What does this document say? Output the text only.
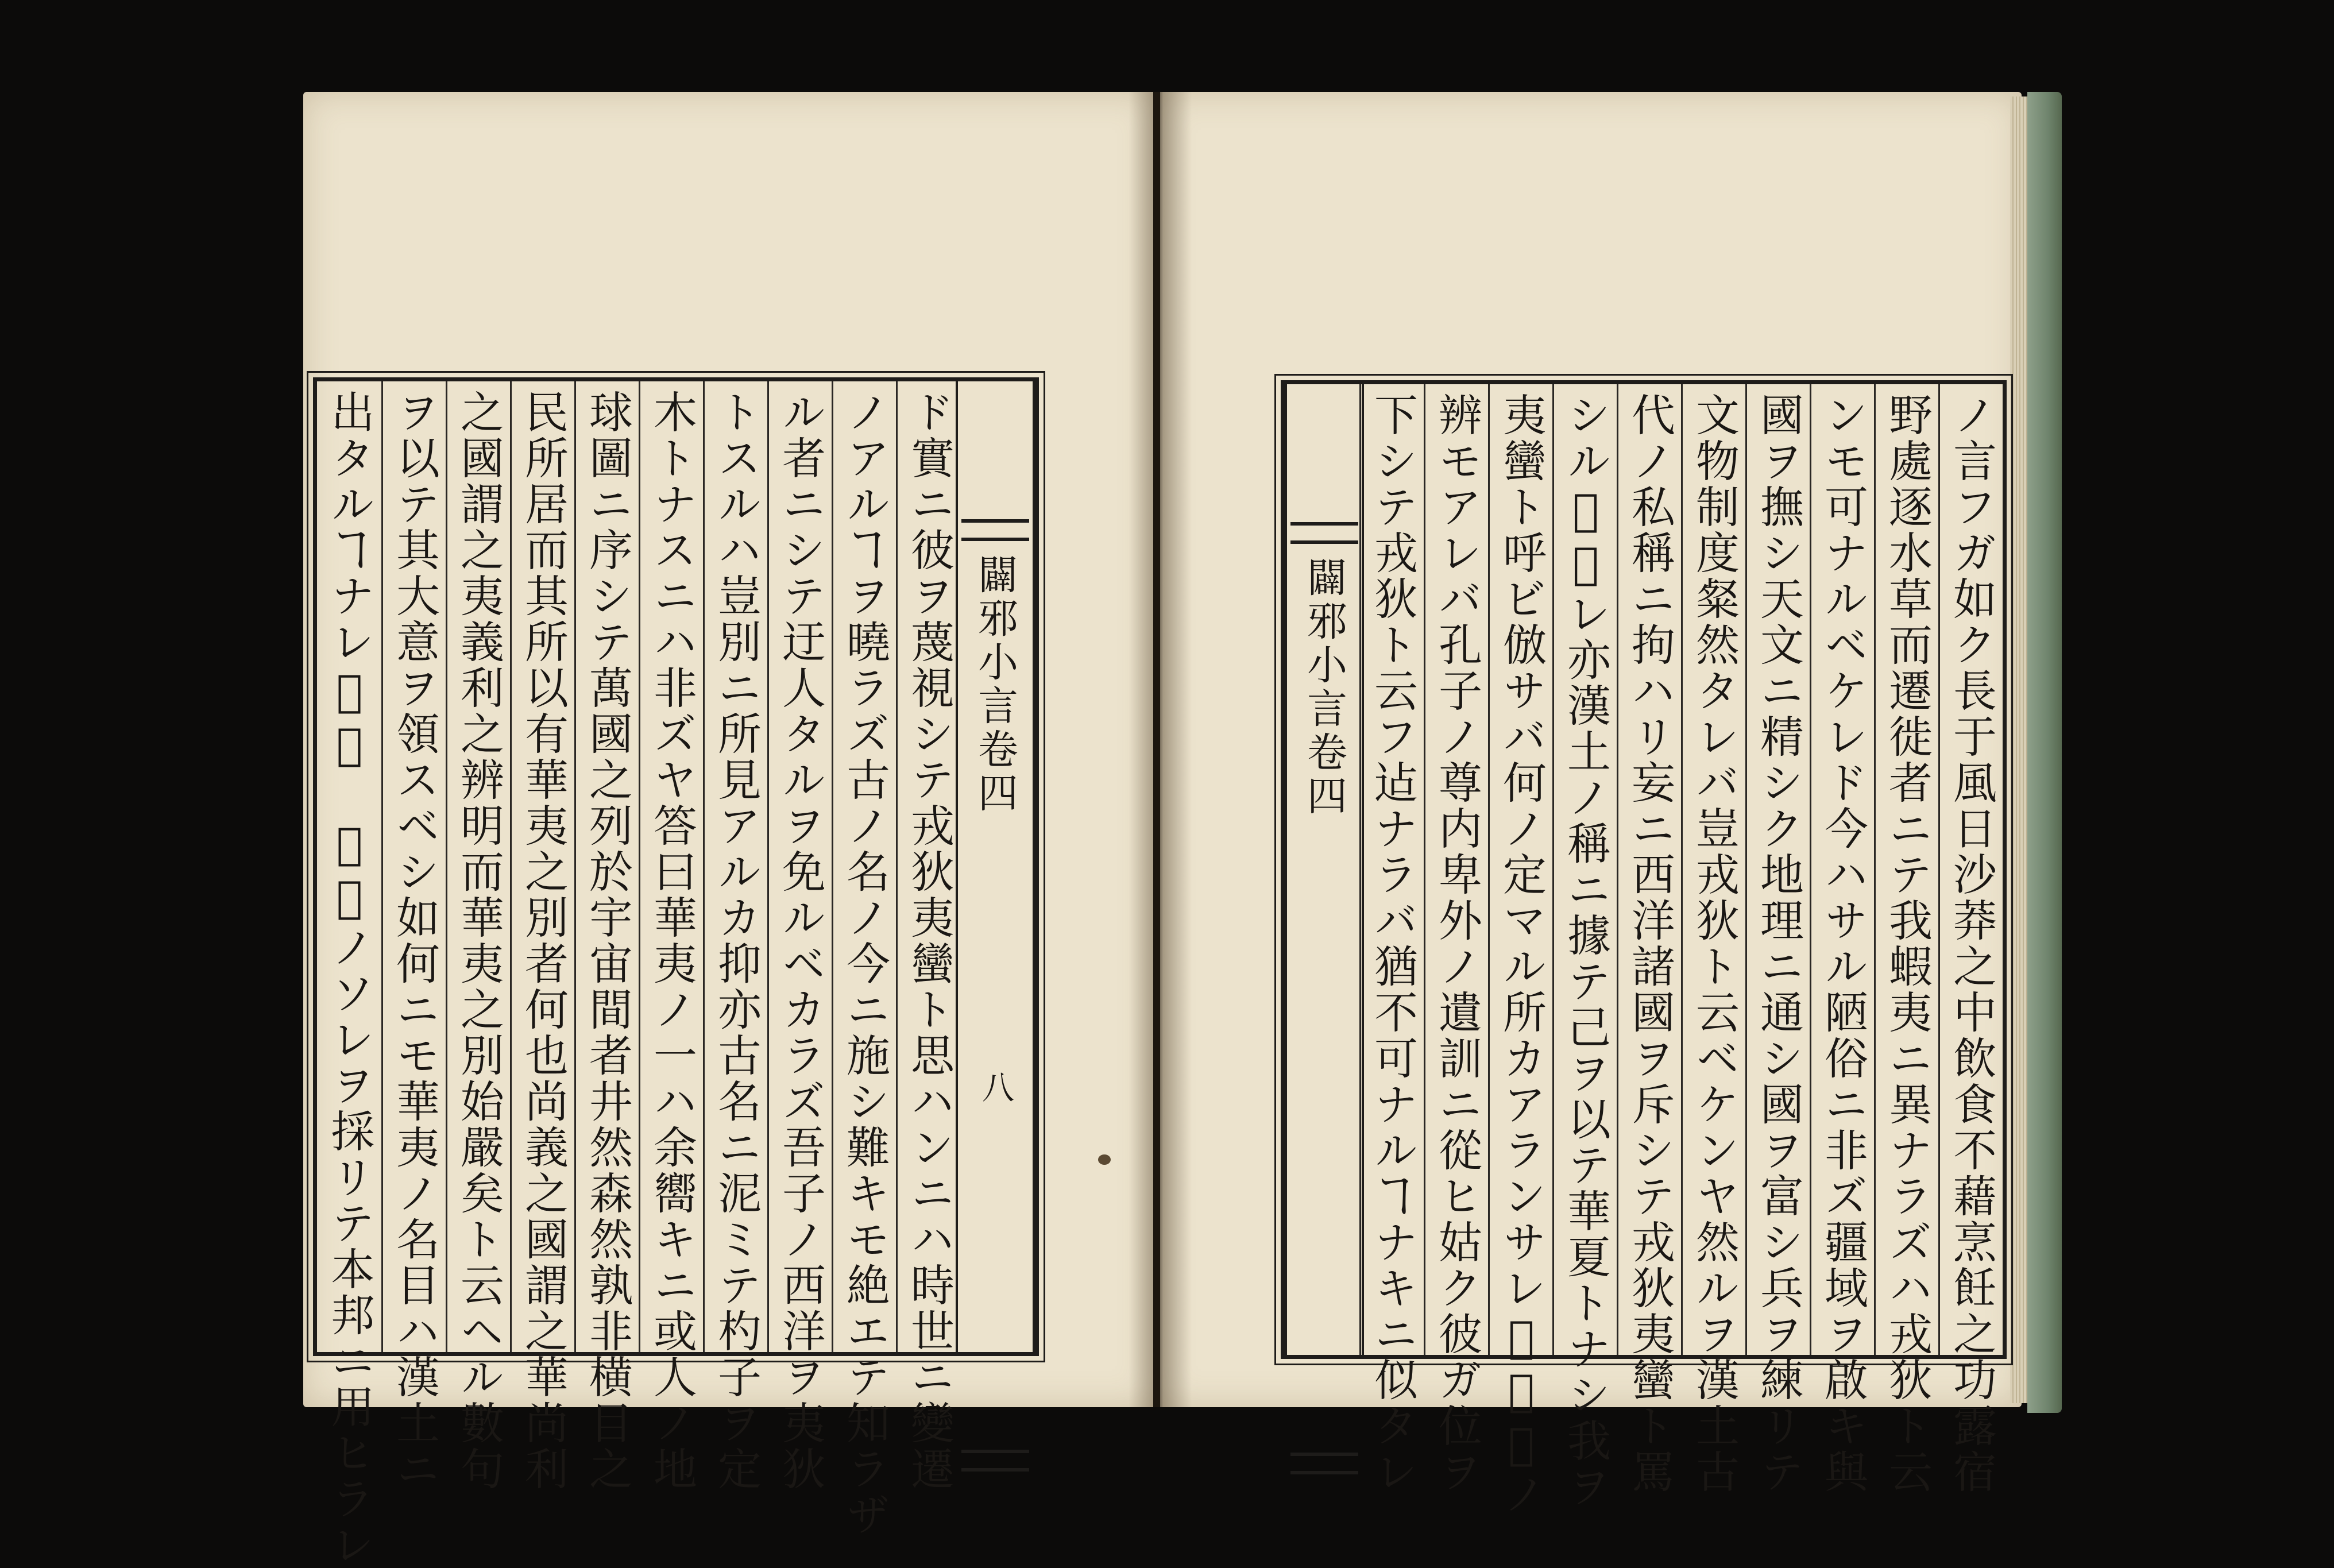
ド實ニ彼ヲ蔑視シテ戎狄夷蠻ト思ハンニハ時世ニ變遷
ノアルヿヲ曉ラズ古ノ名ノ今ニ施シ難キモ絶エテ知ラザ
ル者ニシテ迂人タルヲ免ルベカラズ吾子ノ西洋ヲ夷狄
トスルハ豈別ニ所見アルカ抑亦古名ニ泥ミテ杓子ヲ定
木トナスニハ非ズヤ答曰華夷ノ一ハ余嚮キニ或人ノ地
球圖ニ序シテ萬國之列於宇宙間者井然森然孰非横目之
民所居而其所以有華夷之別者何也尚義之國謂之華尚利
之國謂之夷義利之辨明而華夷之別始嚴矣ト云ヘル數句
ヲ以テ其大意ヲ領スベシ如何ニモ華夷ノ名目ハ漢土ニ
出タルヿナレ𪜈我　天皇ノソレヲ採リテ本邦ニ用ヒラレ	闢邪小言卷四
八
闢邪小言卷四	ノ言フガ如ク長于風日沙莽之中飲食不藉烹飪之功露宿
野處逐水草而遷徙者ニテ我蝦夷ニ異ナラズハ戎狄ト云
ンモ可ナルベケレド今ハサル陋俗ニ非ズ疆域ヲ啟キ與
國ヲ撫シ天文ニ精シク地理ニ通シ國ヲ富シ兵ヲ練リテ
文物制度粲然タレバ豈戎狄ト云ベケンヤ然ルヲ漢土古
代ノ私稱ニ拘ハリ妄ニ西洋諸國ヲ斥シテ戎狄夷蠻ト罵
シル𪜈彼レ亦漢土ノ稱ニ據テ己ヲ以テ華夏トナシ我ヲ
夷蠻ト呼ビ倣サバ何ノ定マル所カアランサレ𪜈内外ノ
辨モアレバ孔子ノ尊内卑外ノ遺訓ニ從ヒ姑ク彼ガ位ヲ
下シテ戎狄ト云フ迠ナラバ猶不可ナルヿナキニ似タレ
